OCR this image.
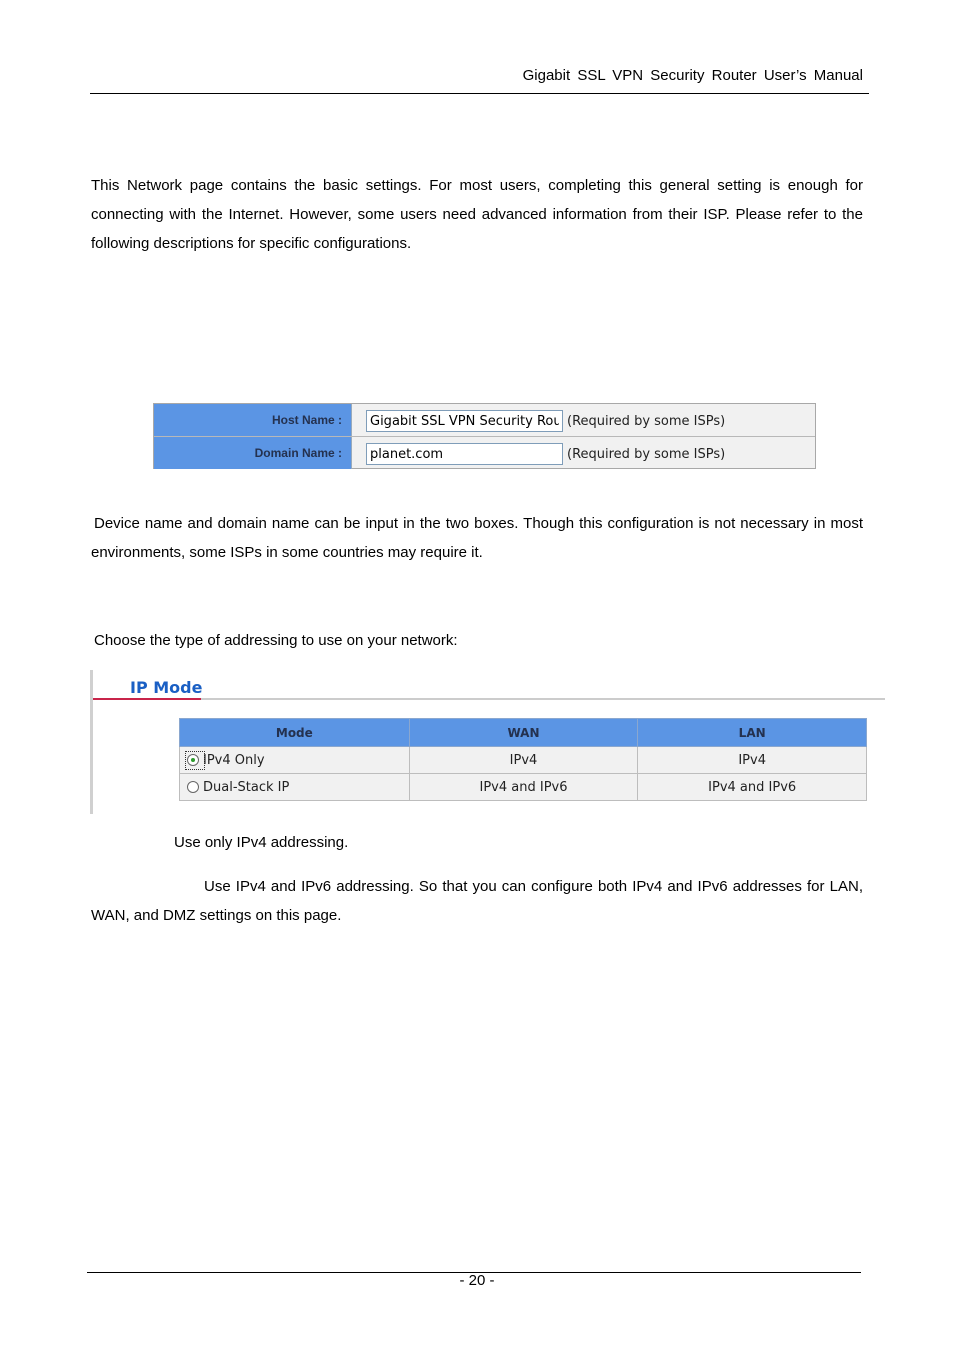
Gigabit SSL VPN Security Router User’s Manual

This Network page contains the basic settings. For most users, completing this general setting is enough for connecting with the Internet. However, some users need advanced information from their ISP. Please refer to the following descriptions for specific configurations.

Host Name :
Gigabit SSL VPN Security Router	(Required by some ISPs)
Domain Name :
planet.com	(Required by some ISPs)

Device name and domain name can be input in the two boxes. Though this configuration is not necessary in most environments, some ISPs in some countries may require it.

Choose the type of addressing to use on your network:

IP Mode
Mode	WAN	LAN
IPv4 Only	IPv4	IPv4
Dual-Stack IP	IPv4 and IPv6	IPv4 and IPv6

Use only IPv4 addressing.

Use IPv4 and IPv6 addressing. So that you can configure both IPv4 and IPv6 addresses for LAN, WAN, and DMZ settings on this page.

- 20 -
